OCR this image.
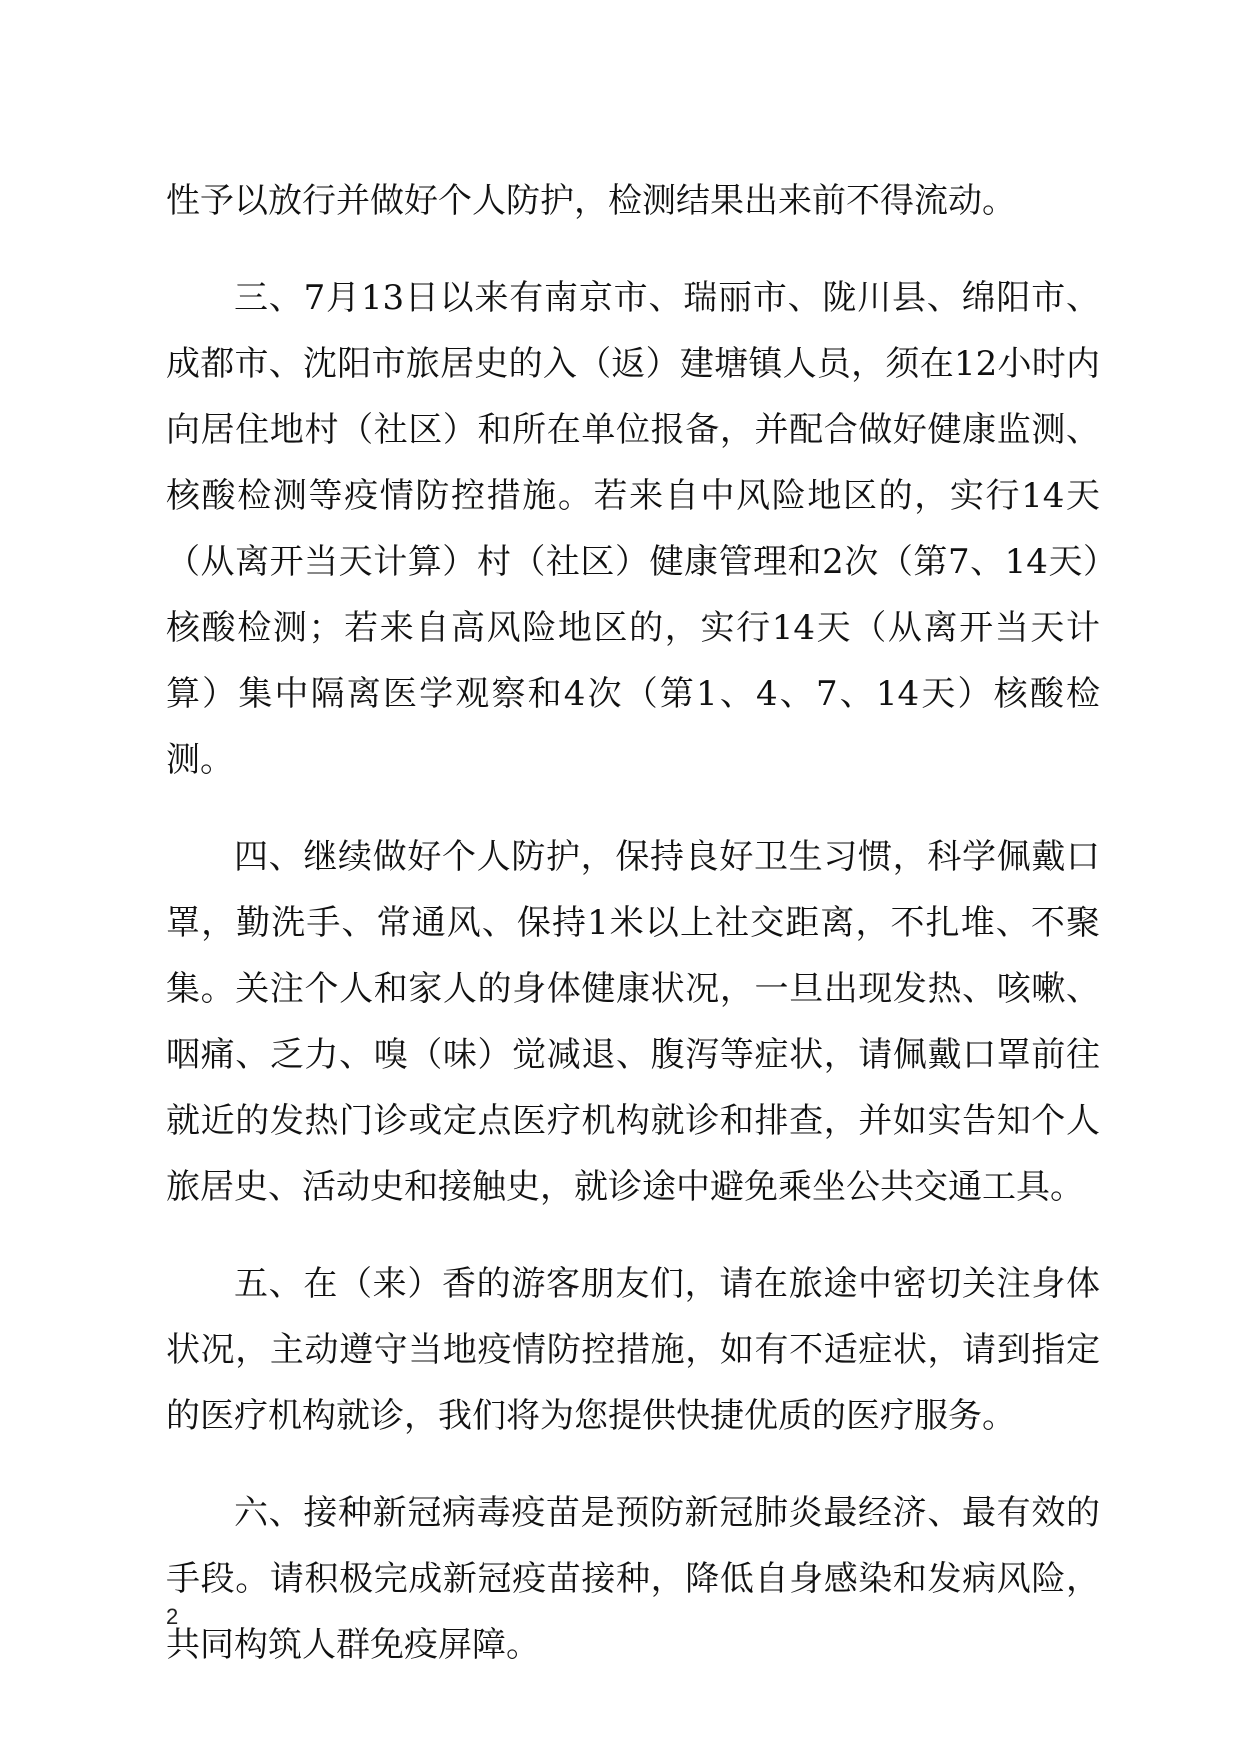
性予以放行并做好个人防护，检测结果出来前不得流动。

三、7月13日以来有南京市、瑞丽市、陇川县、绵阳市、成都市、沈阳市旅居史的入（返）建塘镇人员，须在12小时内向居住地村（社区）和所在单位报备，并配合做好健康监测、核酸检测等疫情防控措施。若来自中风险地区的，实行14天（从离开当天计算）村（社区）健康管理和2次（第7、14天）核酸检测；若来自高风险地区的，实行14天（从离开当天计算）集中隔离医学观察和4次（第1、4、7、14天）核酸检测。

四、继续做好个人防护，保持良好卫生习惯，科学佩戴口罩，勤洗手、常通风、保持1米以上社交距离，不扎堆、不聚集。关注个人和家人的身体健康状况，一旦出现发热、咳嗽、咽痛、乏力、嗅（味）觉减退、腹泻等症状，请佩戴口罩前往就近的发热门诊或定点医疗机构就诊和排查，并如实告知个人旅居史、活动史和接触史，就诊途中避免乘坐公共交通工具。

五、在（来）香的游客朋友们，请在旅途中密切关注身体状况，主动遵守当地疫情防控措施，如有不适症状，请到指定的医疗机构就诊，我们将为您提供快捷优质的医疗服务。

六、接种新冠病毒疫苗是预防新冠肺炎最经济、最有效的手段。请积极完成新冠疫苗接种，降低自身感染和发病风险，共同构筑人群免疫屏障。

2
